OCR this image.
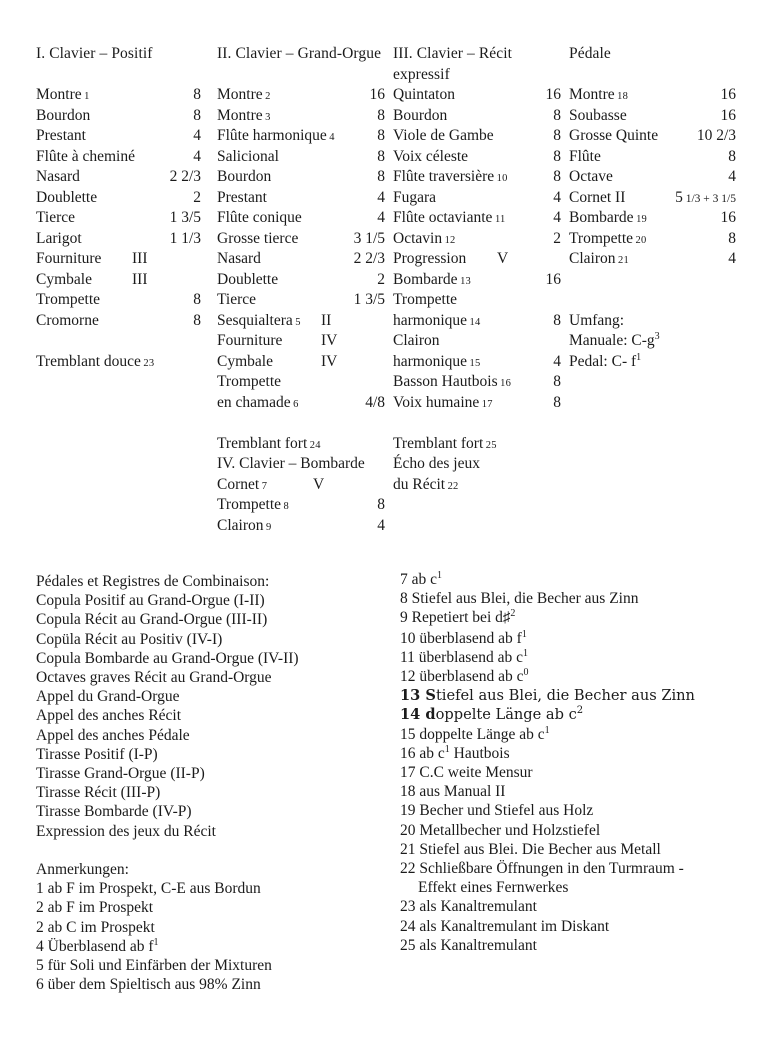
I. Clavier – Positif
Montre 1	8
Bourdon	8
Prestant	4
Flûte à cheminé	4
Nasard	2 2/3
Doublette	2
Tierce	1 3/5
Larigot	1 1/3
Fourniture III
Cymbale	III
Trompette	8
Cromorne	8
Tremblant douce 23
II. Clavier – Grand-Orgue
Montre 2	16
Montre 3	8
Flûte harmonique 4	8
Salicional	8
Bourdon	8
Prestant	4
Flûte conique	4
Grosse tierce	3 1/5
Nasard	2 2/3
Doublette	2
Tierce	1 3/5
Sesquialtera 5 II
Fourniture IV
Cymbale	IV
Trompette
en chamade 6	4/8
Tremblant fort 24
IV. Clavier – Bombarde
Cornet 7	V
Trompette 8	8
Clairon 9	4
III. Clavier – Récit expressif
Quintaton	16
Bourdon	8
Viole de Gambe	8
Voix céleste	8
Flûte traversière 10	8
Fugara	4
Flûte octaviante 11	4
Octavin 12	2
Progression V
Bombarde 13	16
Trompette
harmonique 14	8
Clairon
harmonique 15	4
Basson Hautbois 16	8
Voix humaine 17	8
Tremblant fort 25
Écho des jeux
du Récit 22
Pédale
Montre 18	16
Soubasse	16
Grosse Quinte 10 2/3
Flûte	8
Octave	4
Cornet II	5 1/3 + 3 1/5
Bombarde 19	16
Trompette 20	8
Clairon 21	4
Umfang:
Manuale: $C-g^3$
Pedal: C- $f^1$
Pédales et Registres de Combinaison:
Copula Positif au Grand-Orgue (I-II)
Copula Récit au Grand-Orgue (III-II)
Copüla Récit au Positiv (IV-I)
Copula Bombarde au Grand-Orgue (IV-II)
Octaves graves Récit au Grand-Orgue
Appel du Grand-Orgue
Appel des anches Récit
Appel des anches Pédale
Tirasse Positif (I-P)
Tirasse Grand-Orgue (II-P)
Tirasse Récit (III-P)
Tirasse Bombarde (IV-P)
Expression des jeux du Récit
Anmerkungen:
1 ab F im Prospekt, C-E aus Bordun
2 ab F im Prospekt
2 ab C im Prospekt
4 Überblasend ab $f^1$
5 für Soli und Einfärben der Mixturen
6 über dem Spieltisch aus 98% Zinn
7 ab $c^1$
8 Stiefel aus Blei, die Becher aus Zinn
9 Repetiert bei d♯$^2$
10 überblasend ab $f^1$
11 überblasend ab $c^1$
12 überblasend ab $c^0$
13 Stiefel aus Blei, die Becher aus Zinn
14 doppelte Länge ab $c^2$
15 doppelte Länge ab $c^1$
16 ab $c^1$ Hautbois
17 C.C weite Mensur
18 aus Manual II
19 Becher und Stiefel aus Holz
20 Metallbecher und Holzstiefel
21 Stiefel aus Blei. Die Becher aus Metall
22 Schließbare Öffnungen in den Turmraum -
Effekt eines Fernwerkes
23 als Kanaltremulant
24 als Kanaltremulant im Diskant
25 als Kanaltremulant
